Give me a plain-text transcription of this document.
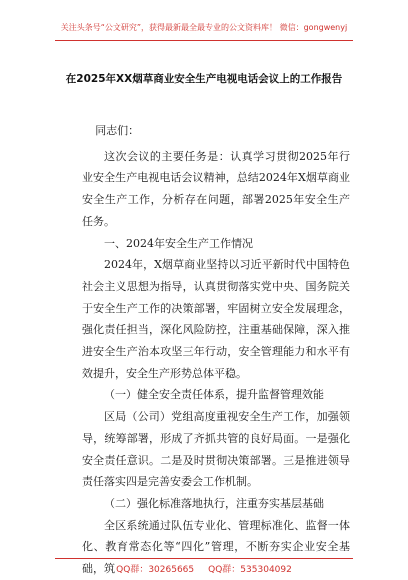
关注头条号“公文研究”，获得最新最全最专业的公文资料库！ 微信：gongwenyj
在2025年XX烟草商业安全生产电视电话会议上的工作报告

同志们：

这次会议的主要任务是：认真学习贯彻2025年行业安全生产电视电话会议精神，总结2024年X烟草商业安全生产工作，分析存在问题，部署2025年安全生产任务。

一、2024年安全生产工作情况

2024年，X烟草商业坚持以习近平新时代中国特色社会主义思想为指导，认真贯彻落实党中央、国务院关于安全生产工作的决策部署，牢固树立安全发展理念，强化责任担当，深化风险防控，注重基础保障，深入推进安全生产治本攻坚三年行动，安全管理能力和水平有效提升，安全生产形势总体平稳。

（一）健全安全责任体系，提升监督管理效能

区局（公司）党组高度重视安全生产工作，加强领导，统筹部署，形成了齐抓共管的良好局面。一是强化安全责任意识。二是及时贯彻决策部署。三是推进领导责任落实四是完善安委会工作机制。

（二）强化标准落地执行，注重夯实基层基础

全区系统通过队伍专业化、管理标准化、监督一体化、教育常态化等“四化”管理，不断夯实企业安全基础，筑 QQ群：30265665 QQ群：535304092
